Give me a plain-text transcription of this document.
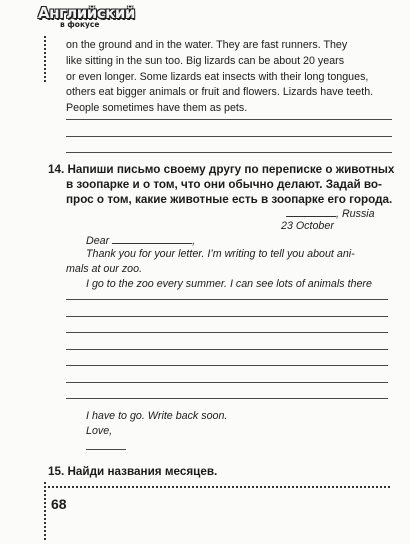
Английский
в фокусе
on the ground and in the water. They are fast runners. They
like sitting in the sun too. Big lizards can be about 20 years
or even longer. Some lizards eat insects with their long tongues,
others eat bigger animals or fruit and flowers. Lizards have teeth.
People sometimes have them as pets.
14. Напиши письмо своему другу по переписке о животных
в зоопарке и о том, что они обычно делают. Задай во-
прос о том, какие животные есть в зоопарке его города.
, Russia
23 October
Dear	,
Thank you for your letter. I’m writing to tell you about ani-
mals at our zoo.
I go to the zoo every summer. I can see lots of animals there
I have to go. Write back soon.
Love,
15. Найди названия месяцев.
68
